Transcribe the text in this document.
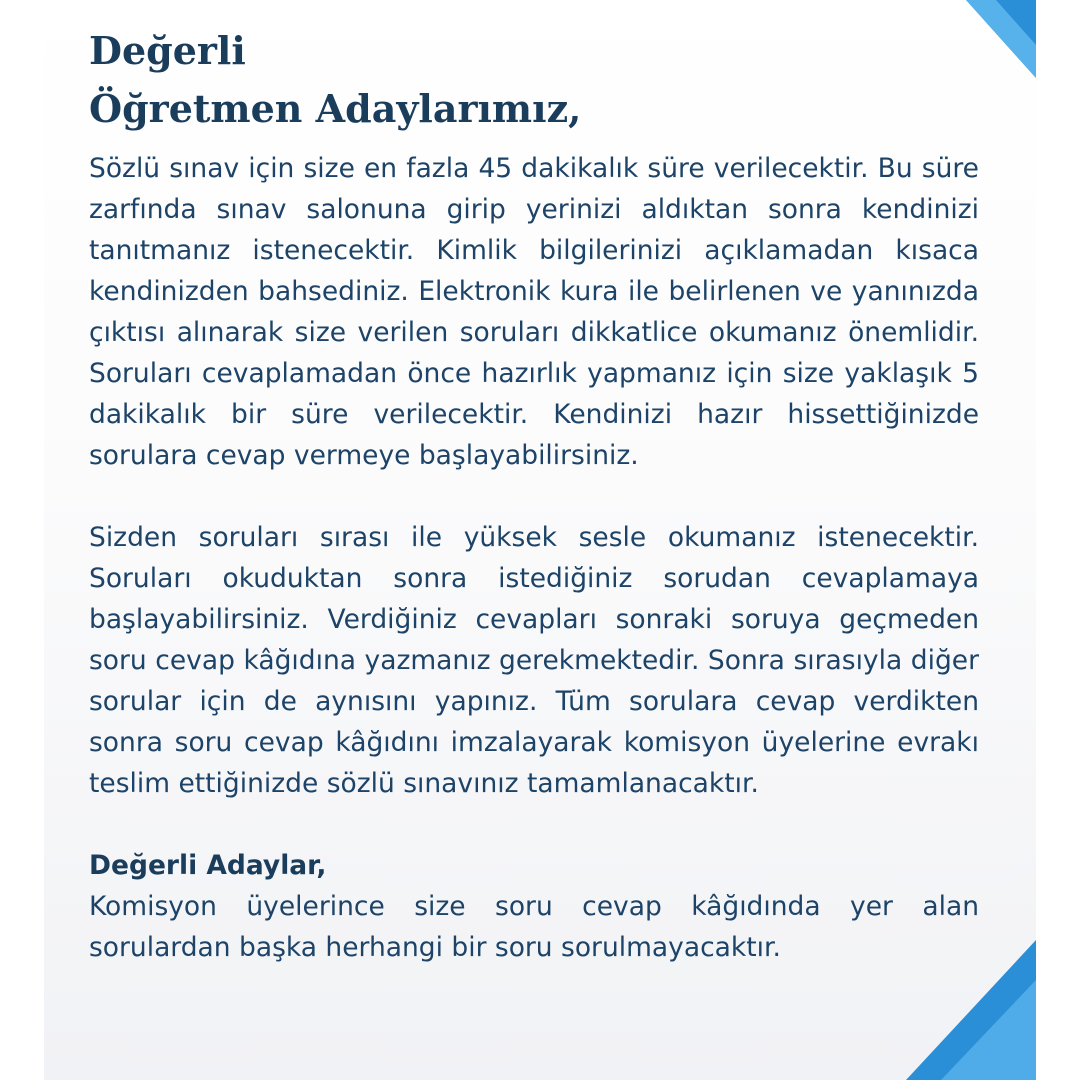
Değerli
Öğretmen Adaylarımız,

Sözlü sınav için size en fazla 45 dakikalık süre verilecektir. Bu süre zarfında sınav salonuna girip yerinizi aldıktan sonra kendinizi tanıtmanız istenecektir. Kimlik bilgilerinizi açıklamadan kısaca kendinizden bahsediniz. Elektronik kura ile belirlenen ve yanınızda çıktısı alınarak size verilen soruları dikkatlice okumanız önemlidir. Soruları cevaplamadan önce hazırlık yapmanız için size yaklaşık 5 dakikalık bir süre verilecektir. Kendinizi hazır hissettiğinizde sorulara cevap vermeye başlayabilirsiniz.

Sizden soruları sırası ile yüksek sesle okumanız istenecektir. Soruları okuduktan sonra istediğiniz sorudan cevaplamaya başlayabilirsiniz. Verdiğiniz cevapları sonraki soruya geçmeden soru cevap kâğıdına yazmanız gerekmektedir. Sonra sırasıyla diğer sorular için de aynısını yapınız. Tüm sorulara cevap verdikten sonra soru cevap kâğıdını imzalayarak komisyon üyelerine evrakı teslim ettiğinizde sözlü sınavınız tamamlanacaktır.

Değerli Adaylar,

Komisyon üyelerince size soru cevap kâğıdında yer alan sorulardan başka herhangi bir soru sorulmayacaktır.
